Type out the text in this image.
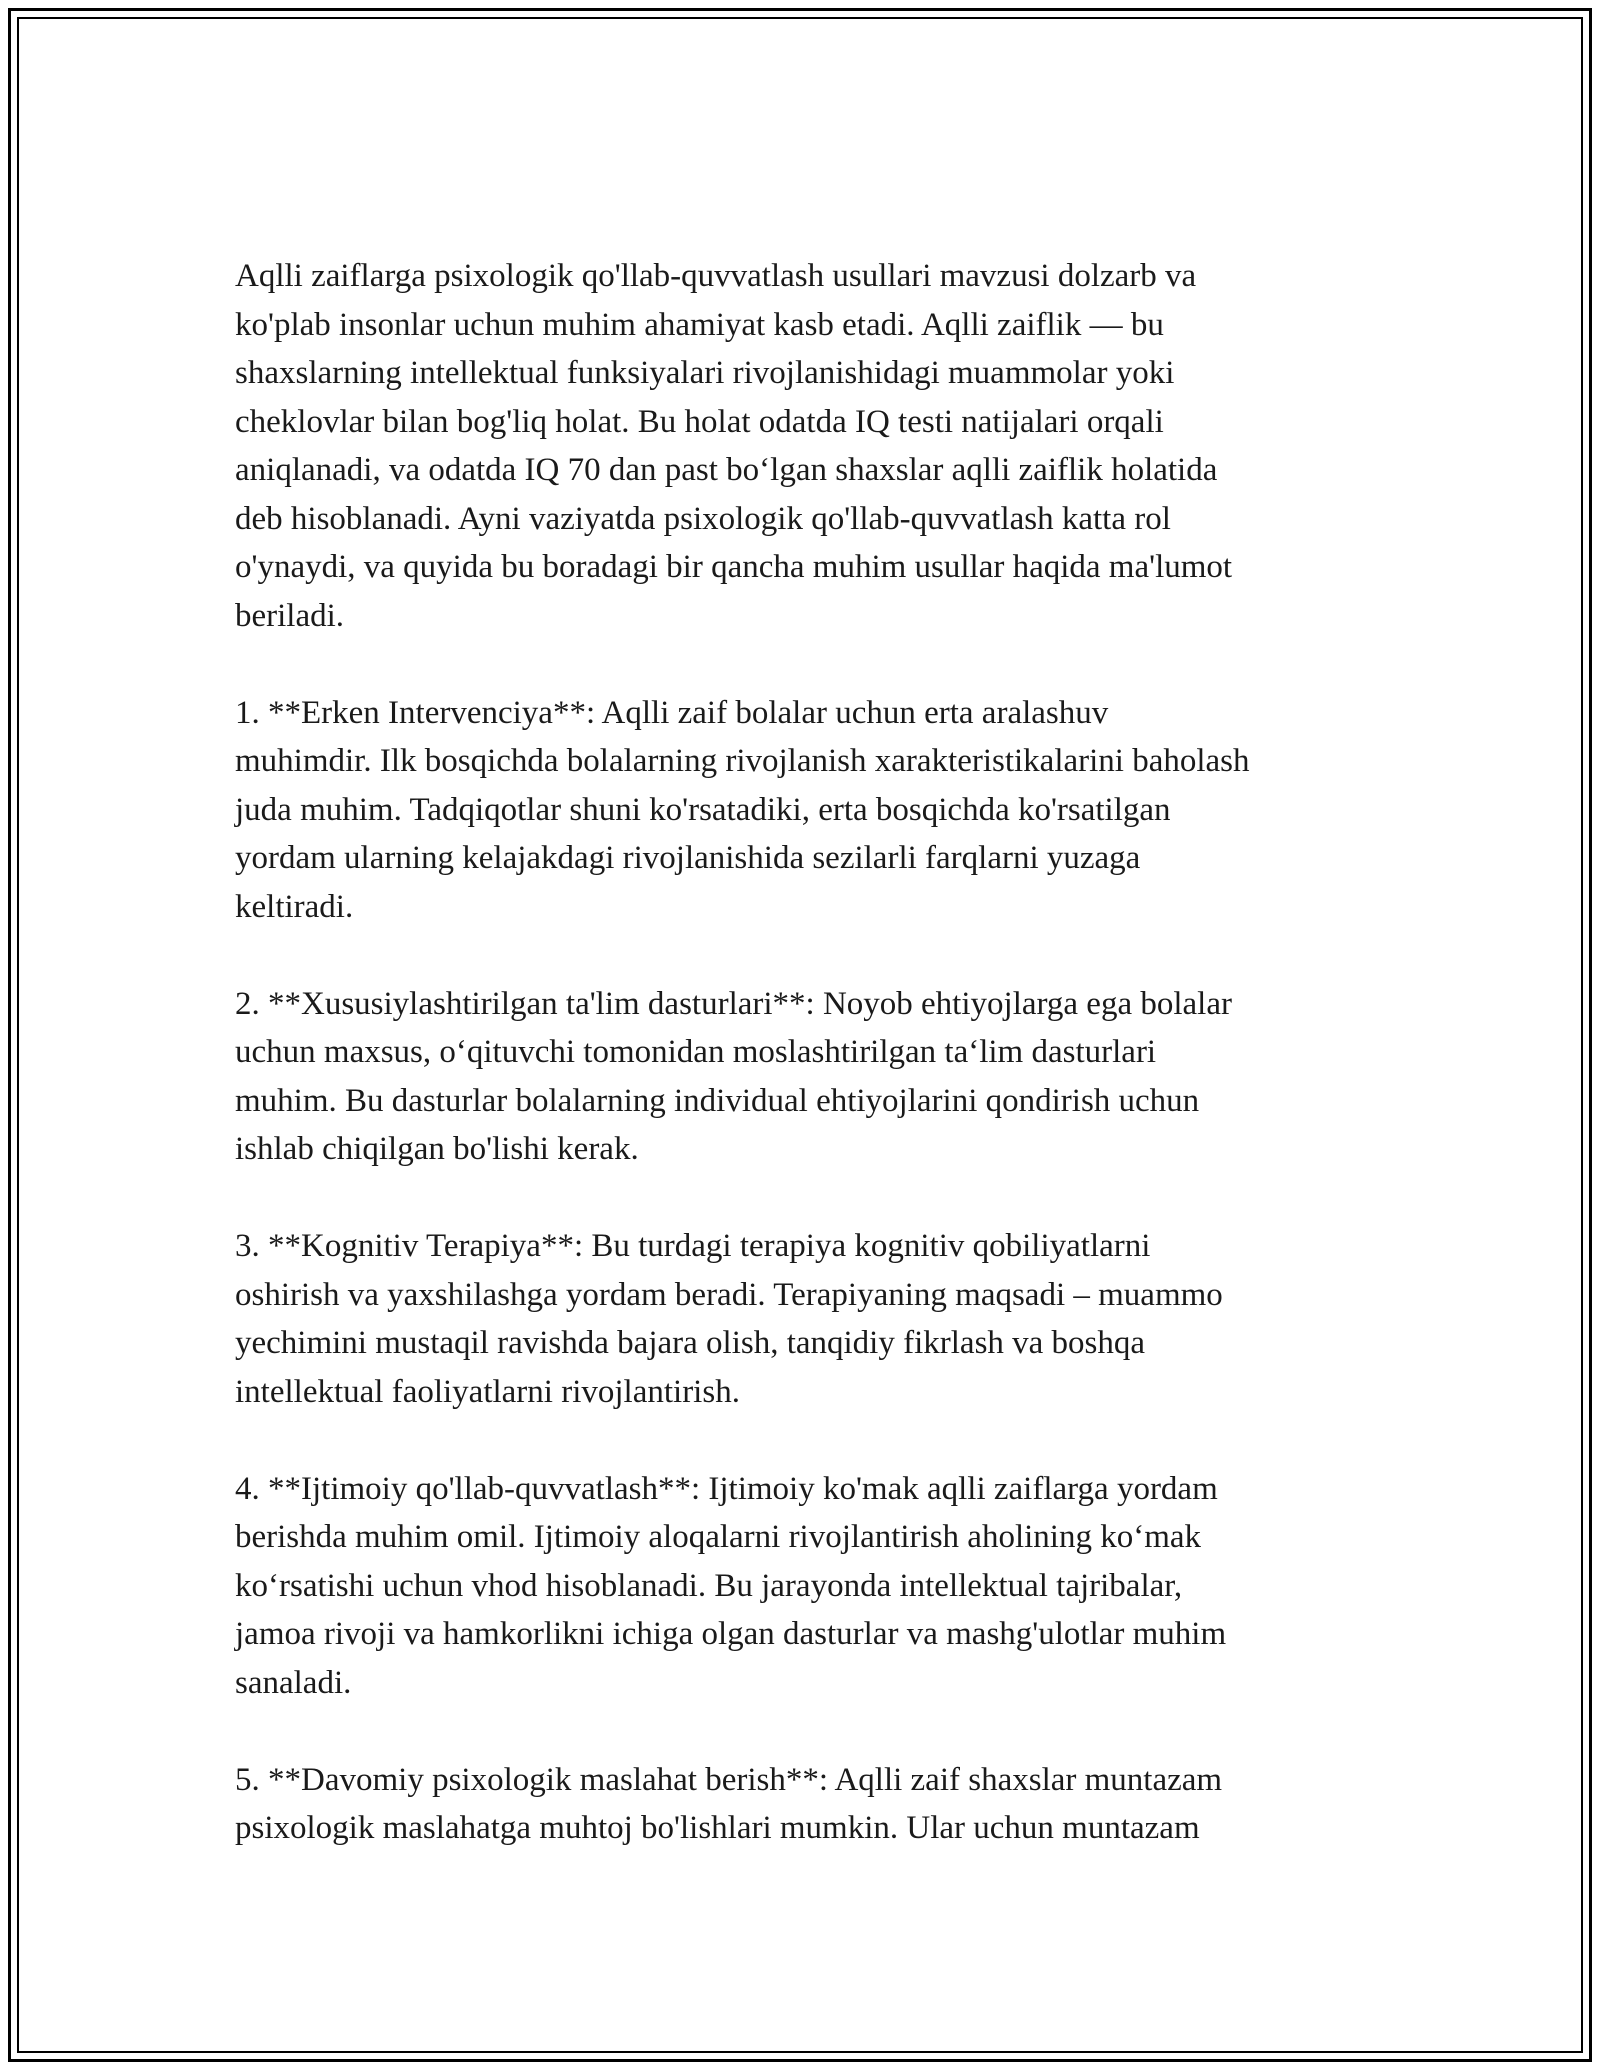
Aqlli zaiflarga psixologik qo'llab-quvvatlash usullari mavzusi dolzarb va
ko'plab insonlar uchun muhim ahamiyat kasb etadi. Aqlli zaiflik — bu
shaxslarning intellektual funksiyalari rivojlanishidagi muammolar yoki
cheklovlar bilan bog'liq holat. Bu holat odatda IQ testi natijalari orqali
aniqlanadi, va odatda IQ 70 dan past boʻlgan shaxslar aqlli zaiflik holatida
deb hisoblanadi. Ayni vaziyatda psixologik qo'llab-quvvatlash katta rol
o'ynaydi, va quyida bu boradagi bir qancha muhim usullar haqida ma'lumot
beriladi.

1. **Erken Intervenciya**: Aqlli zaif bolalar uchun erta aralashuv
muhimdir. Ilk bosqichda bolalarning rivojlanish xarakteristikalarini baholash
juda muhim. Tadqiqotlar shuni ko'rsatadiki, erta bosqichda ko'rsatilgan
yordam ularning kelajakdagi rivojlanishida sezilarli farqlarni yuzaga
keltiradi.

2. **Xususiylashtirilgan ta'lim dasturlari**: Noyob ehtiyojlarga ega bolalar
uchun maxsus, oʻqituvchi tomonidan moslashtirilgan taʻlim dasturlari
muhim. Bu dasturlar bolalarning individual ehtiyojlarini qondirish uchun
ishlab chiqilgan bo'lishi kerak.

3. **Kognitiv Terapiya**: Bu turdagi terapiya kognitiv qobiliyatlarni
oshirish va yaxshilashga yordam beradi. Terapiyaning maqsadi – muammo
yechimini mustaqil ravishda bajara olish, tanqidiy fikrlash va boshqa
intellektual faoliyatlarni rivojlantirish.

4. **Ijtimoiy qo'llab-quvvatlash**: Ijtimoiy ko'mak aqlli zaiflarga yordam
berishda muhim omil. Ijtimoiy aloqalarni rivojlantirish aholining koʻmak
koʻrsatishi uchun vhod hisoblanadi. Bu jarayonda intellektual tajribalar,
jamoa rivoji va hamkorlikni ichiga olgan dasturlar va mashg'ulotlar muhim
sanaladi.

5. **Davomiy psixologik maslahat berish**: Aqlli zaif shaxslar muntazam
psixologik maslahatga muhtoj bo'lishlari mumkin. Ular uchun muntazam
